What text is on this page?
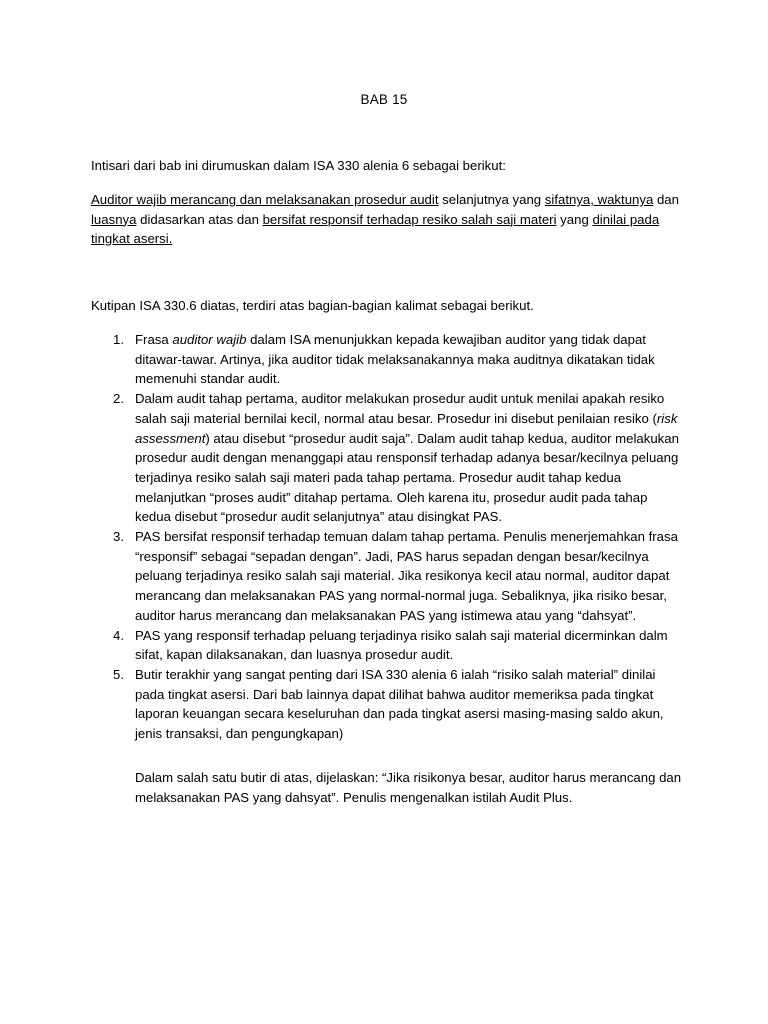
BAB 15
Intisari dari bab ini dirumuskan dalam ISA 330 alenia 6 sebagai berikut:
Auditor wajib merancang dan melaksanakan prosedur audit selanjutnya yang sifatnya, waktunya dan luasnya didasarkan atas dan bersifat responsif terhadap resiko salah saji materi yang dinilai pada tingkat asersi.
Kutipan ISA 330.6 diatas, terdiri atas bagian-bagian kalimat sebagai berikut.
1. Frasa auditor wajib dalam ISA menunjukkan kepada kewajiban auditor yang tidak dapat ditawar-tawar. Artinya, jika auditor tidak melaksanakannya maka auditnya dikatakan tidak memenuhi standar audit.
2. Dalam audit tahap pertama, auditor melakukan prosedur audit untuk menilai apakah resiko salah saji material bernilai kecil, normal atau besar. Prosedur ini disebut penilaian resiko (risk assessment) atau disebut “prosedur audit saja”. Dalam audit tahap kedua, auditor melakukan prosedur audit dengan menanggapi atau rensponsif terhadap adanya besar/kecilnya peluang terjadinya resiko salah saji materi pada tahap pertama. Prosedur audit tahap kedua melanjutkan “proses audit” ditahap pertama. Oleh karena itu, prosedur audit pada tahap kedua disebut “prosedur audit selanjutnya” atau disingkat PAS.
3. PAS bersifat responsif terhadap temuan dalam tahap pertama. Penulis menerjemahkan frasa “responsif” sebagai “sepadan dengan”. Jadi, PAS harus sepadan dengan besar/kecilnya peluang terjadinya resiko salah saji material. Jika resikonya kecil atau normal, auditor dapat merancang dan melaksanakan PAS yang normal-normal juga. Sebaliknya, jika risiko besar, auditor harus merancang dan melaksanakan PAS yang istimewa atau yang “dahsyat”.
4. PAS yang responsif terhadap peluang terjadinya risiko salah saji material dicerminkan dalm sifat, kapan dilaksanakan, dan luasnya prosedur audit.
5. Butir terakhir yang sangat penting dari ISA 330 alenia 6 ialah “risiko salah material” dinilai pada tingkat asersi. Dari bab lainnya dapat dilihat bahwa auditor memeriksa pada tingkat laporan keuangan secara keseluruhan dan pada tingkat asersi masing-masing saldo akun, jenis transaksi, dan pengungkapan)
Dalam salah satu butir di atas, dijelaskan: “Jika risikonya besar, auditor harus merancang dan melaksanakan PAS yang dahsyat”. Penulis mengenalkan istilah Audit Plus.
